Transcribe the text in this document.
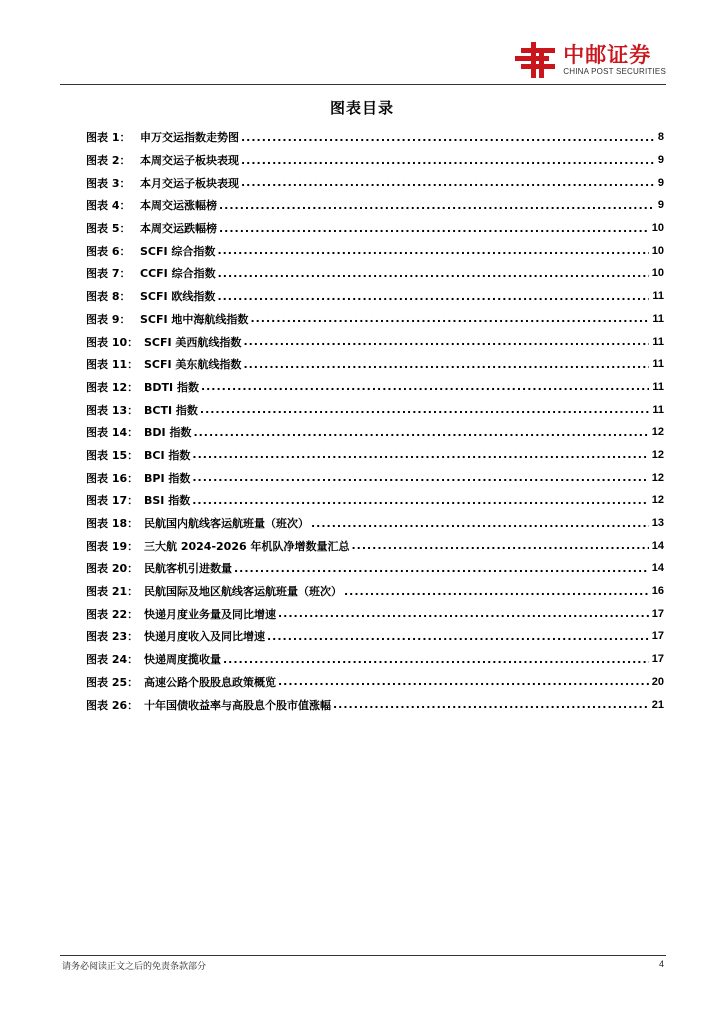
中邮证券
CHINA POST SECURITIES
图表目录
图表 1： 申万交运指数走势图 .....	8
图表 2： 本周交运子板块表现 .....	9
图表 3： 本月交运子板块表现 .....	9
图表 4： 本周交运涨幅榜 .....	9
图表 5： 本周交运跌幅榜 .....	10
图表 6： SCFI 综合指数 .....	10
图表 7： CCFI 综合指数 .....	10
图表 8： SCFI 欧线指数 .....	11
图表 9： SCFI 地中海航线指数 .....	11
图表 10： SCFI 美西航线指数 .....	11
图表 11： SCFI 美东航线指数 .....	11
图表 12： BDTI 指数 .....	11
图表 13： BCTI 指数 .....	11
图表 14： BDI 指数 .....	12
图表 15： BCI 指数 .....	12
图表 16： BPI 指数 .....	12
图表 17： BSI 指数 .....	12
图表 18： 民航国内航线客运航班量（班次） .....	13
图表 19： 三大航 2024-2026 年机队净增数量汇总 .....	14
图表 20： 民航客机引进数量 .....	14
图表 21： 民航国际及地区航线客运航班量（班次） .....	16
图表 22： 快递月度业务量及同比增速 .....	17
图表 23： 快递月度收入及同比增速 .....	17
图表 24： 快递周度揽收量 .....	17
图表 25： 高速公路个股股息政策概览 .....	20
图表 26： 十年国债收益率与高股息个股市值涨幅 .....	21
请务必阅读正文之后的免责条款部分	4
